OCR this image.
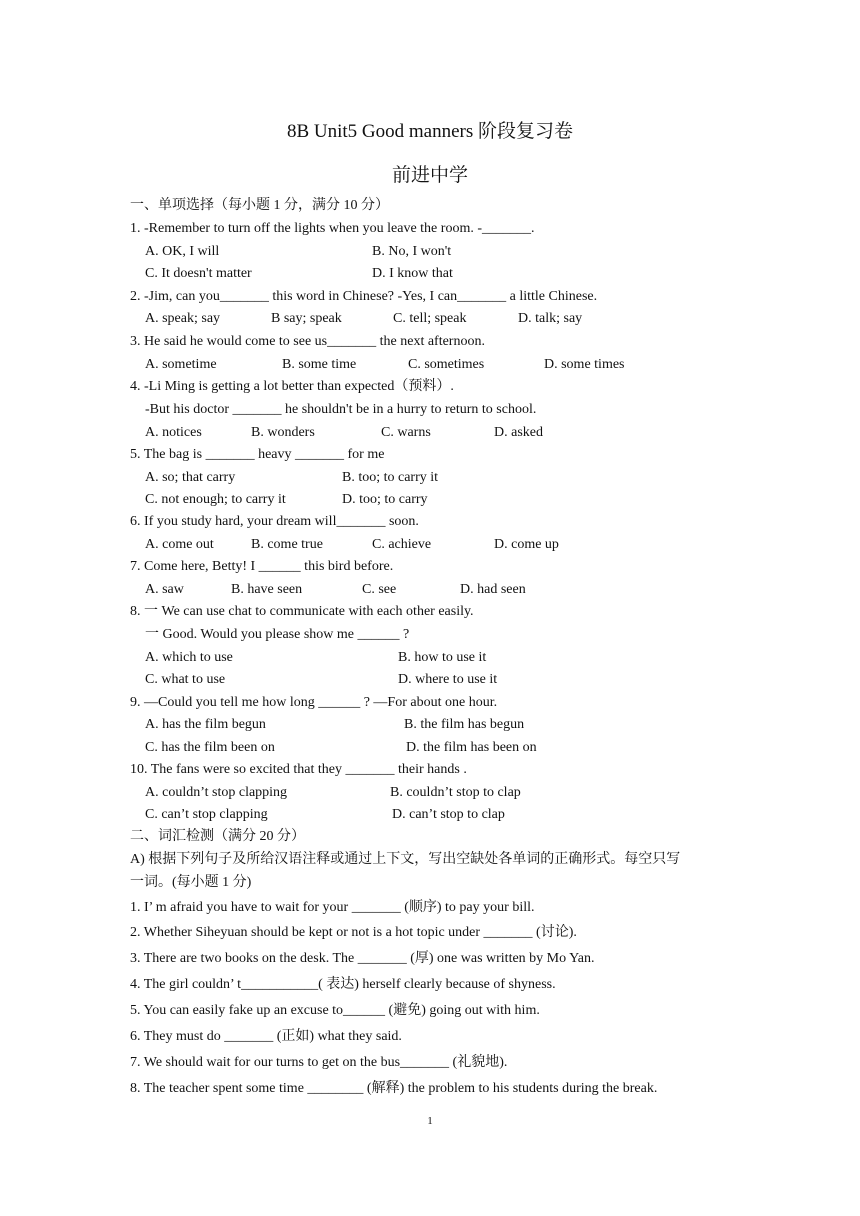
8B Unit5 Good manners 阶段复习卷
前进中学
一、单项选择（每小题 1 分，满分 10 分）
1. -Remember to turn off the lights when you leave the room. -_______.
A. OK, I will	B. No, I won't
C. It doesn't matter	D. I know that
2. -Jim, can you_______ this word in Chinese? -Yes, I can_______ a little Chinese.
A. speak; say	B say; speak	C. tell; speak	D. talk; say
3. He said he would come to see us_______ the next afternoon.
A. sometime	B. some time	C. sometimes	D. some times
4. -Li Ming is getting a lot better than expected（预料）.
-But his doctor _______ he shouldn't be in a hurry to return to school.
A. notices	B. wonders	C. warns	D. asked
5. The bag is _______ heavy _______ for me
A. so; that carry	B. too; to carry it
C. not enough; to carry it	D. too; to carry
6. If you study hard, your dream will_______ soon.
A. come out	B. come true	C. achieve	D. come up
7. Come here, Betty! I ______ this bird before.
A. saw	B. have seen	C. see	D. had seen
8. 一 We can use chat to communicate with each other easily.
一 Good. Would you please show me ______ ?
A. which to use	B. how to use it
C. what to use	D. where to use it
9. —Could you tell me how long ______ ? —For about one hour.
A. has the film begun	B. the film has begun
C. has the film been on	D. the film has been on
10. The fans were so excited that they _______ their hands .
A. couldn’t stop clapping	B. couldn’t stop to clap
C. can’t stop clapping	D. can’t stop to clap
二、词汇检测（满分 20 分）
A) 根据下列句子及所给汉语注释或通过上下文，写出空缺处各单词的正确形式。每空只写
一词。(每小题 1 分)
1. I’ m afraid you have to wait for your _______ (顺序) to pay your bill.
2. Whether Siheyuan should be kept or not is a hot topic under _______ (讨论).
3. There are two books on the desk. The _______ (厚) one was written by Mo Yan.
4. The girl couldn’ t___________( 表达) herself clearly because of shyness.
5. You can easily fake up an excuse to______ (避免) going out with him.
6. They must do _______ (正如) what they said.
7. We should wait for our turns to get on the bus_______ (礼貌地).
8. The teacher spent some time ________ (解释) the problem to his students during the break.
1
